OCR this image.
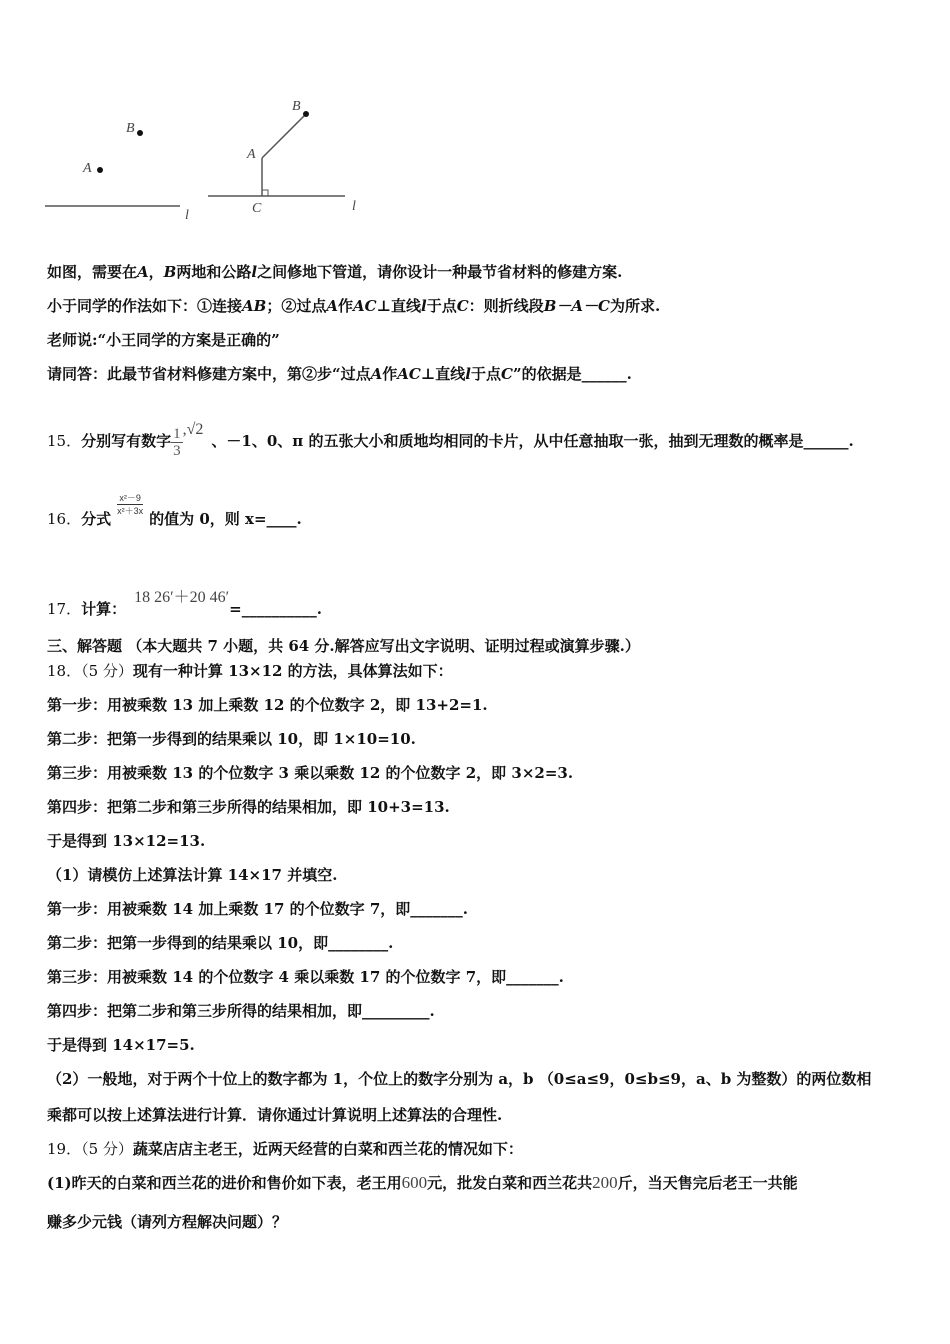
A
B
l
B
A
C	l
如图，需要在A，B两地和公路l之间修地下管道，请你设计一种最节省材料的修建方案.
小于同学的作法如下：①连接AB；②过点A作AC⊥直线l于点C：则折线段B－A－C为所求.
老师说:“小王同学的方案是正确的”
请同答：此最节省材料修建方案中，第②步“过点A作AC⊥直线l于点C”的依据是______.
15．分别写有数字 $\frac{1}{3} ,√2$、－1、0、π 的五张大小和质地均相同的卡片，从中任意抽取一张，抽到无理数的概率是______.
16．分式
$\frac{\text{x²－9}}{\text{x²＋3x}}$
的值为 0，则 x=____.
17．计算：18 26′＋20 46′=__________.
三、解答题 （本大题共 7 小题，共 64 分.解答应写出文字说明、证明过程或演算步骤.）
18．（5 分）现有一种计算 13×12 的方法，具体算法如下：
第一步：用被乘数 13 加上乘数 12 的个位数字 2，即 13+2=1.
第二步：把第一步得到的结果乘以 10，即 1×10=10.
第三步：用被乘数 13 的个位数字 3 乘以乘数 12 的个位数字 2，即 3×2=3.
第四步：把第二步和第三步所得的结果相加，即 10+3=13.
于是得到 13×12=13.
（1）请模仿上述算法计算 14×17 并填空.
第一步：用被乘数 14 加上乘数 17 的个位数字 7，即_______.
第二步：把第一步得到的结果乘以 10，即________.
第三步：用被乘数 14 的个位数字 4 乘以乘数 17 的个位数字 7，即_______.
第四步：把第二步和第三步所得的结果相加，即_________.
于是得到 14×17=5.
（2）一般地，对于两个十位上的数字都为 1，个位上的数字分别为 a，b （0≤a≤9，0≤b≤9，a、b 为整数）的两位数相
乘都可以按上述算法进行计算．请你通过计算说明上述算法的合理性.
19．（5 分）蔬菜店店主老王，近两天经营的白菜和西兰花的情况如下：
(1)昨天的白菜和西兰花的进价和售价如下表，老王用600元，批发白菜和西兰花共200斤，当天售完后老王一共能
赚多少元钱（请列方程解决问题）？
